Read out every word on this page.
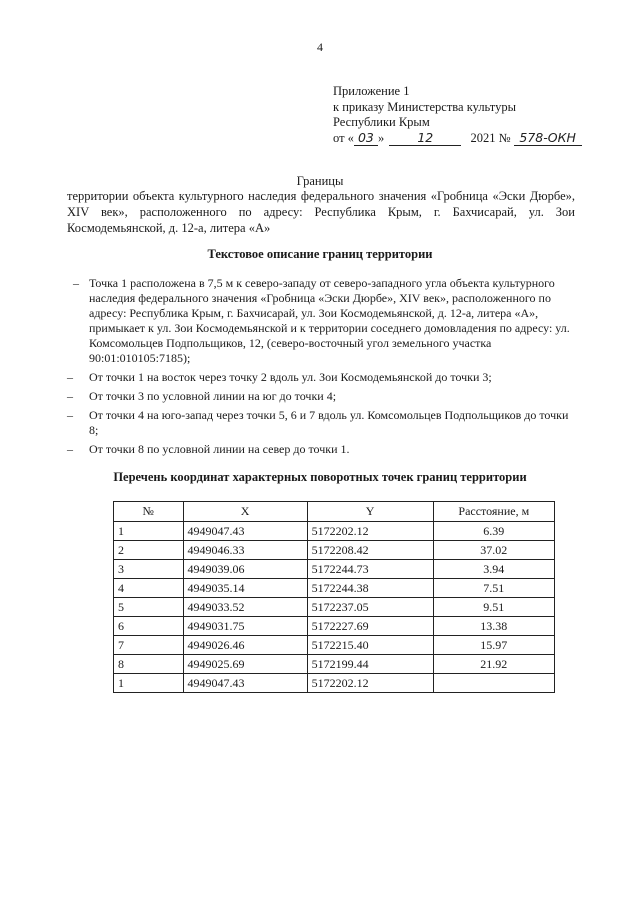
4
Приложение 1
к приказу Министерства культуры
Республики Крым
от « 03 »	12	2021 № 578-ОКН
Границы
территории объекта культурного наследия федерального значения «Гробница «Эски Дюрбе», XIV век», расположенного по адресу: Республика Крым, г. Бахчисарай, ул. Зои Космодемьянской, д. 12-а, литера «А»
Текстовое описание границ территории
– Точка 1 расположена в 7,5 м к северо-западу от северо-западного угла объекта культурного наследия федерального значения «Гробница «Эски Дюрбе», XIV век», расположенного по адресу: Республика Крым, г. Бахчисарай, ул. Зои Космодемьянской, д. 12-а, литера «А», примыкает к ул. Зои Космодемьянской и к территории соседнего домовладения по адресу: ул. Комсомольцев Подпольщиков, 12, (северо-восточный угол земельного участка 90:01:010105:7185);
– От точки 1 на восток через точку 2 вдоль ул. Зои Космодемьянской до точки 3;
– От точки 3 по условной линии на юг до точки 4;
– От точки 4 на юго-запад через точки 5, 6 и 7 вдоль ул. Комсомольцев Подпольщиков до точки 8;
– От точки 8 по условной линии на север до точки 1.
Перечень координат характерных поворотных точек границ территории
№	X	Y	Расстояние, м
1	4949047.43	5172202.12	6.39
2	4949046.33	5172208.42	37.02
3	4949039.06	5172244.73	3.94
4	4949035.14	5172244.38	7.51
5	4949033.52	5172237.05	9.51
6	4949031.75	5172227.69	13.38
7	4949026.46	5172215.40	15.97
8	4949025.69	5172199.44	21.92
1	4949047.43	5172202.12	
